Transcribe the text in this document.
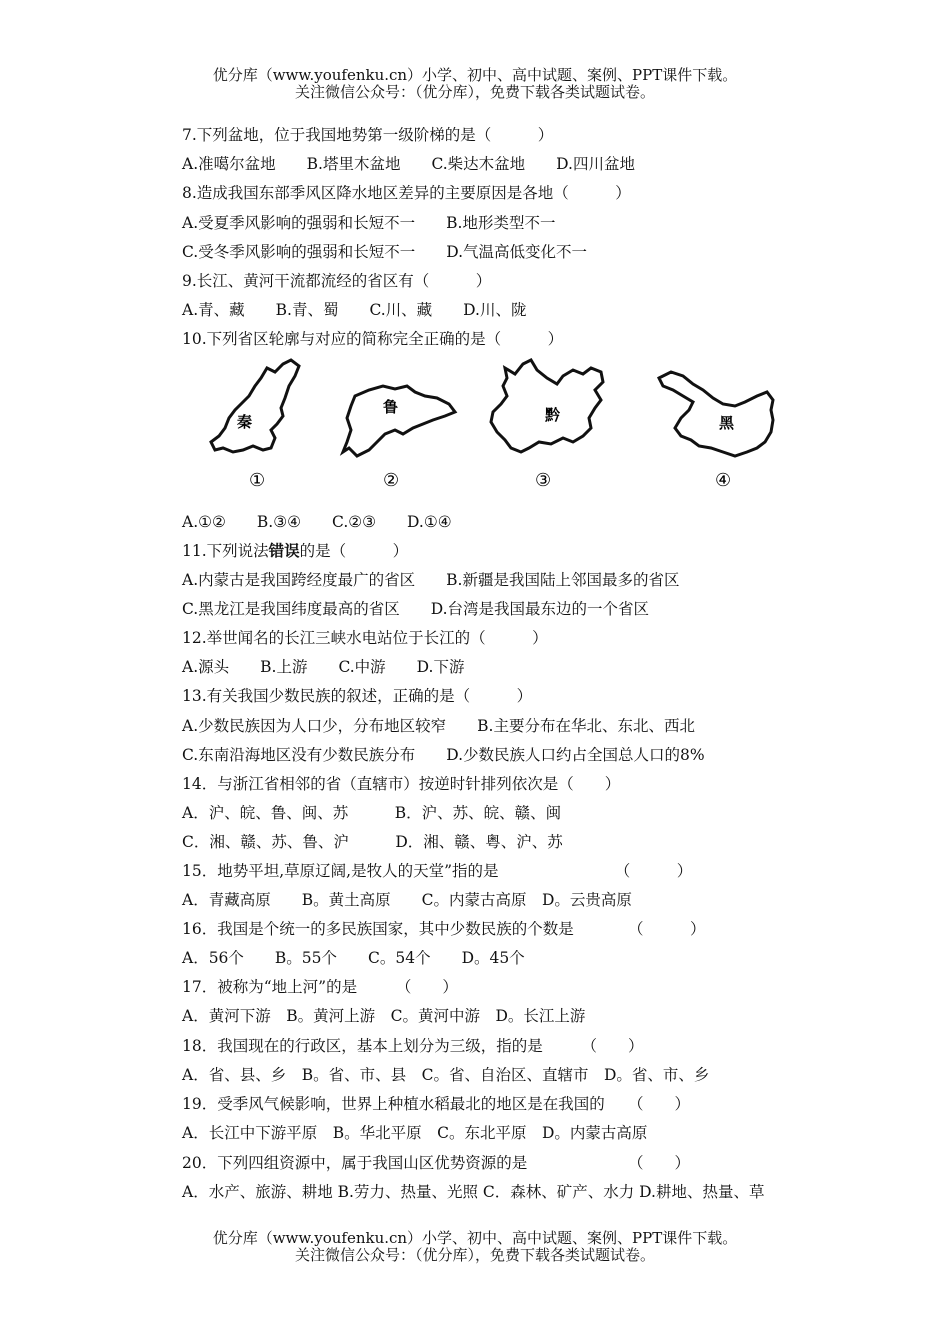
优分库（www.youfenku.cn）小学、初中、高中试题、案例、PPT课件下载。
关注微信公众号：（优分库），免费下载各类试题试卷。
7.下列盆地，位于我国地势第一级阶梯的是（　　　）
A.准噶尔盆地　　B.塔里木盆地　　C.柴达木盆地　　D.四川盆地
8.造成我国东部季风区降水地区差异的主要原因是各地（　　　）
A.受夏季风影响的强弱和长短不一　　B.地形类型不一
C.受冬季风影响的强弱和长短不一　　D.气温高低变化不一
9.长江、黄河干流都流经的省区有（　　　）
A.青、藏　　B.青、蜀　　C.川、藏　　D.川、陇
10.下列省区轮廓与对应的简称完全正确的是（　　　）
秦
①
鲁
②
黔
③
黑
④
A.①②　　B.③④　　C.②③　　D.①④
11.下列说法错误的是（　　　）
A.内蒙古是我国跨经度最广的省区　　B.新疆是我国陆上邻国最多的省区
C.黑龙江是我国纬度最高的省区　　D.台湾是我国最东边的一个省区
12.举世闻名的长江三峡水电站位于长江的（　　　）
A.源头　　B.上游　　C.中游　　D.下游
13.有关我国少数民族的叙述，正确的是（　　　）
A.少数民族因为人口少，分布地区较窄　　B.主要分布在华北、东北、西北
C.东南沿海地区没有少数民族分布　　D.少数民族人口约占全国总人口的8%
14．与浙江省相邻的省（直辖市）按逆时针排列依次是（　　）
A．沪、皖、鲁、闽、苏　　　B．沪、苏、皖、赣、闽
C．湘、赣、苏、鲁、沪　　　D．湘、赣、粤、沪、苏
15．地势平坦,草原辽阔,是牧人的天堂”指的是　　　　　　　　（　　　）
A．青藏高原　　B。黄土高原　　C。内蒙古高原　D。云贵高原
16．我国是个统一的多民族国家，其中少数民族的个数是　　　　（　　　）
A．56个　　B。55个　　C。54个　　D。45个
17．被称为“地上河”的是　　　（　　）
A．黄河下游　B。黄河上游　C。黄河中游　D。长江上游
18．我国现在的行政区，基本上划分为三级，指的是　　　（　　）
A．省、县、乡　B。省、市、县　C。省、自治区、直辖市　D。省、市、乡
19．受季风气候影响，世界上种植水稻最北的地区是在我国的　　（　　）
A．长江中下游平原　B。华北平原　C。东北平原　D。内蒙古高原
20．下列四组资源中，属于我国山区优势资源的是　　　　　　　（　　）
A．水产、旅游、耕地 B.劳力、热量、光照 C．森林、矿产、水力 D.耕地、热量、草
优分库（www.youfenku.cn）小学、初中、高中试题、案例、PPT课件下载。
关注微信公众号：（优分库），免费下载各类试题试卷。
